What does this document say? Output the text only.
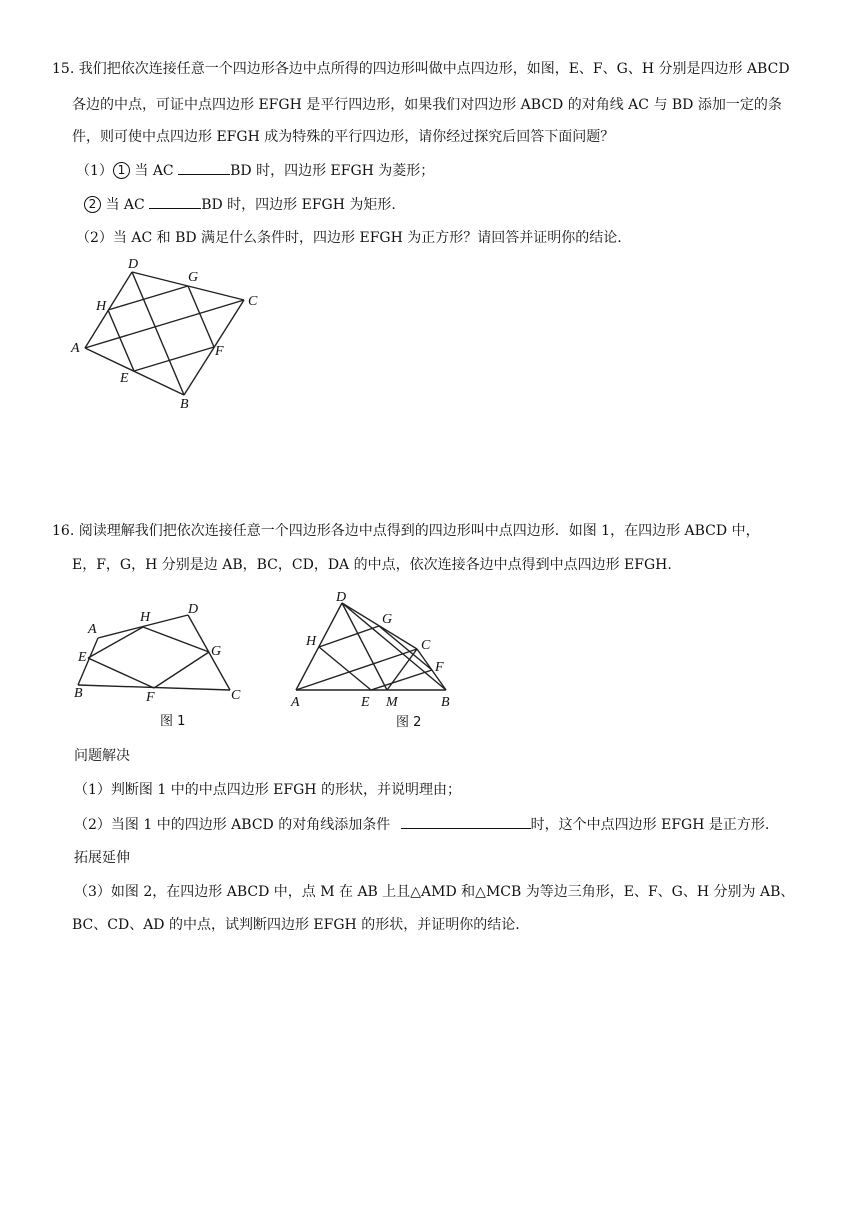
15. 我们把依次连接任意一个四边形各边中点所得的四边形叫做中点四边形，如图，E、F、G、H 分别是四边形 ABCD
各边的中点，可证中点四边形 EFGH 是平行四边形，如果我们对四边形 ABCD 的对角线 AC 与 BD 添加一定的条
件，则可使中点四边形 EFGH 成为特殊的平行四边形，请你经过探究后回答下面问题？
（1） 1 当 AC	BD 时，四边形 EFGH 为菱形；
2 当 AC	BD 时，四边形 EFGH 为矩形.
（2）当 AC 和 BD 满足什么条件时，四边形 EFGH 为正方形？请回答并证明你的结论.
D
G
C
H
A	F
E
B
16. 阅读理解我们把依次连接任意一个四边形各边中点得到的四边形叫中点四边形．如图 1，在四边形 ABCD 中，
E，F，G，H 分别是边 AB，BC，CD，DA 的中点，依次连接各边中点得到中点四边形 EFGH.
A
H
D
E	G
B	F	C
图 1
D
G
H	C
F
A	E M	B
图 2
问题解决
（1）判断图 1 中的中点四边形 EFGH 的形状，并说明理由；
（2）当图 1 中的四边形 ABCD 的对角线添加条件	时，这个中点四边形 EFGH 是正方形.
拓展延伸
（3）如图 2，在四边形 ABCD 中，点 M 在 AB 上且△AMD 和△MCB 为等边三角形，E、F、G、H 分别为 AB、
BC、CD、AD 的中点，试判断四边形 EFGH 的形状，并证明你的结论.
